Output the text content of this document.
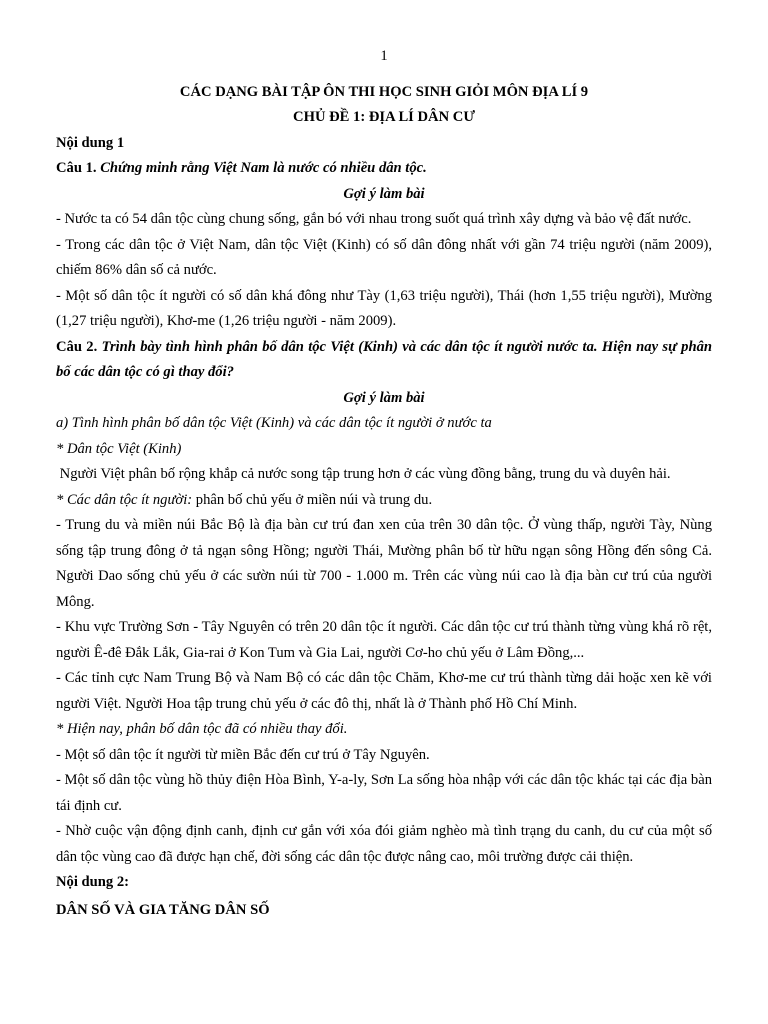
1
CÁC DẠNG BÀI TẬP ÔN THI HỌC SINH GIỎI MÔN ĐỊA LÍ 9
CHỦ ĐỀ 1: ĐỊA LÍ DÂN CƯ

Nội dung 1

Câu 1. Chứng minh rằng Việt Nam là nước có nhiều dân tộc.

Gợi ý làm bài

- Nước ta có 54 dân tộc cùng chung sống, gắn bó với nhau trong suốt quá trình xây dựng và bảo vệ đất nước.

- Trong các dân tộc ở Việt Nam, dân tộc Việt (Kinh) có số dân đông nhất với gần 74 triệu người (năm 2009), chiếm 86% dân số cả nước.

- Một số dân tộc ít người có số dân khá đông như Tày (1,63 triệu người), Thái (hơn 1,55 triệu người), Mường (1,27 triệu người), Khơ-me (1,26 triệu người - năm 2009).

Câu 2. Trình bày tình hình phân bố dân tộc Việt (Kinh) và các dân tộc ít người nước ta. Hiện nay sự phân bố các dân tộc có gì thay đổi?

Gợi ý làm bài

a) Tình hình phân bố dân tộc Việt (Kinh) và các dân tộc ít người ở nước ta

* Dân tộc Việt (Kinh)

Người Việt phân bố rộng khắp cả nước song tập trung hơn ở các vùng đồng bằng, trung du và duyên hải.

* Các dân tộc ít người: phân bố chủ yếu ở miền núi và trung du.

- Trung du và miền núi Bắc Bộ là địa bàn cư trú đan xen của trên 30 dân tộc. Ở vùng thấp, người Tày, Nùng sống tập trung đông ở tả ngạn sông Hồng; người Thái, Mường phân bố từ hữu ngạn sông Hồng đến sông Cả. Người Dao sống chủ yếu ở các sườn núi từ 700 - 1.000 m. Trên các vùng núi cao là địa bàn cư trú của người Mông.

- Khu vực Trường Sơn - Tây Nguyên có trên 20 dân tộc ít người. Các dân tộc cư trú thành từng vùng khá rõ rệt, người Ê-đê Đắk Lắk, Gia-rai ở Kon Tum và Gia Lai, người Cơ-ho chủ yếu ở Lâm Đồng,...

- Các tỉnh cực Nam Trung Bộ và Nam Bộ có các dân tộc Chăm, Khơ-me cư trú thành từng dải hoặc xen kẽ với người Việt. Người Hoa tập trung chủ yếu ở các đô thị, nhất là ở Thành phố Hồ Chí Minh.

* Hiện nay, phân bố dân tộc đã có nhiều thay đổi.

- Một số dân tộc ít người từ miền Bắc đến cư trú ở Tây Nguyên.

- Một số dân tộc vùng hồ thủy điện Hòa Bình, Y-a-ly, Sơn La sống hòa nhập với các dân tộc khác tại các địa bàn tái định cư.

- Nhờ cuộc vận động định canh, định cư gắn với xóa đói giảm nghèo mà tình trạng du canh, du cư của một số dân tộc vùng cao đã được hạn chế, đời sống các dân tộc được nâng cao, môi trường được cải thiện.

Nội dung 2:

DÂN SỐ VÀ GIA TĂNG DÂN SỐ
